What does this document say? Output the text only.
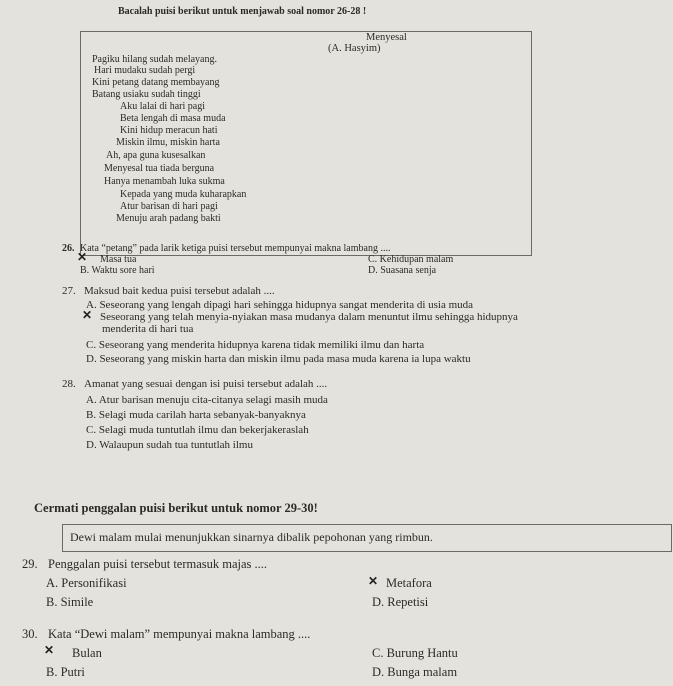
Bacalah puisi berikut untuk menjawab soal nomor 26-28 !
Menyesal
(A. Hasyim)
Pagiku hilang sudah melayang.
Hari mudaku sudah pergi
Kini petang datang membayang
Batang usiaku sudah tinggi
Aku lalai di hari pagi
Beta lengah di masa muda
Kini hidup meracun hati
Miskin ilmu, miskin harta
Ah, apa guna kusesalkan
Menyesal tua tiada berguna
Hanya menambah luka sukma
Kepada yang muda kuharapkan
Atur barisan di hari pagi
Menuju arah padang bakti
26. Kata “petang” pada larik ketiga puisi tersebut mempunyai makna lambang ....
✕ Masa tua
B. Waktu sore hari
C. Kehidupan malam
D. Suasana senja
27. Maksud bait kedua puisi tersebut adalah ....
A. Seseorang yang lengah dipagi hari sehingga hidupnya sangat menderita di usia muda
✕ Seseorang yang telah menyia-nyiakan masa mudanya dalam menuntut ilmu sehingga hidupnya
menderita di hari tua
C. Seseorang yang menderita hidupnya karena tidak memiliki ilmu dan harta
D. Seseorang yang miskin harta dan miskin ilmu pada masa muda karena ia lupa waktu
28. Amanat yang sesuai dengan isi puisi tersebut adalah ....
A. Atur barisan menuju cita-citanya selagi masih muda
B. Selagi muda carilah harta sebanyak-banyaknya
C. Selagi muda tuntutlah ilmu dan bekerjakeraslah
D. Walaupun sudah tua tuntutlah ilmu
Cermati penggalan puisi berikut untuk nomor 29-30!
Dewi malam mulai menunjukkan sinarnya dibalik pepohonan yang rimbun.
29. Penggalan puisi tersebut termasuk majas ....
A. Personifikasi
B. Simile
✕ Metafora
D. Repetisi
30. Kata “Dewi malam” mempunyai makna lambang ....
✕ Bulan
B. Putri
C. Burung Hantu
D. Bunga malam
